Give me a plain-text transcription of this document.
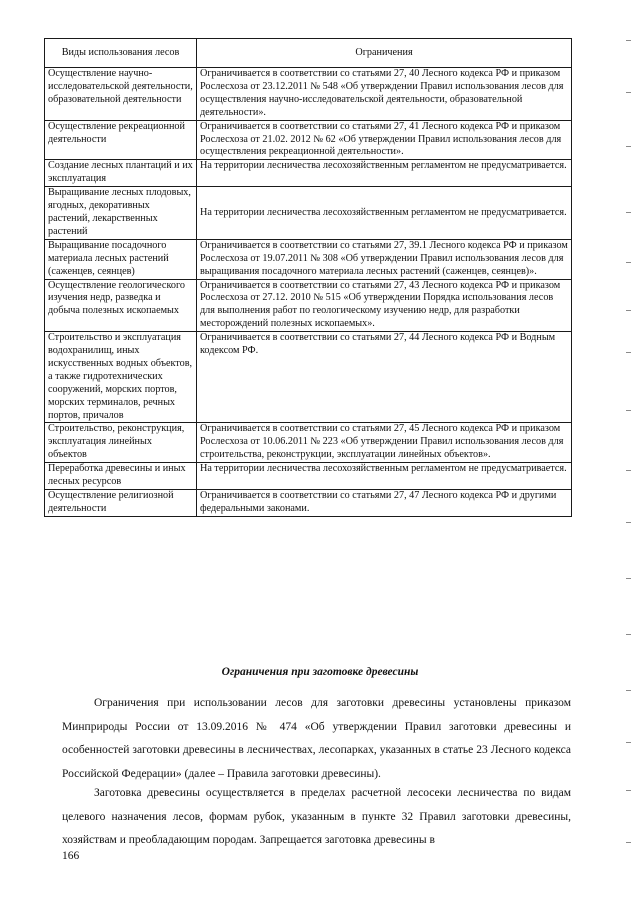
Виды использования лесов	Ограничения
Осуществление научно-исследовательской деятельности, образовательной деятельности	Ограничивается в соответствии со статьями 27, 40 Лесного кодекса РФ и приказом Рослесхоза от 23.12.2011 № 548 «Об утверждении Правил использования лесов для осуществления научно-исследовательской деятельности, образовательной деятельности».
Осуществление рекреационной деятельности	Ограничивается в соответствии со статьями 27, 41 Лесного кодекса РФ и приказом Рослесхоза от 21.02. 2012 № 62 «Об утверждении Правил использования лесов для осуществления рекреационной деятельности».
Создание лесных плантаций и их эксплуатация	На территории лесничества лесохозяйственным регламентом не предусматривается.
Выращивание лесных плодовых, ягодных, декоративных растений, лекарственных растений	На территории лесничества лесохозяйственным регламентом не предусматривается.
Выращивание посадочного материала лесных растений (саженцев, сеянцев)	Ограничивается в соответствии со статьями 27, 39.1 Лесного кодекса РФ и приказом Рослесхоза от 19.07.2011 № 308 «Об утверждении Правил использования лесов для выращивания посадочного материала лесных растений (саженцев, сеянцев)».
Осуществление геологического изучения недр, разведка и добыча полезных ископаемых	Ограничивается в соответствии со статьями 27, 43 Лесного кодекса РФ и приказом Рослесхоза от 27.12. 2010 № 515 «Об утверждении Порядка использования лесов для выполнения работ по геологическому изучению недр, для разработки месторождений полезных ископаемых».
Строительство и эксплуатация водохранилищ, иных искусственных водных объектов, а также гидротехнических сооружений, морских портов, морских терминалов, речных портов, причалов	Ограничивается в соответствии со статьями 27, 44 Лесного кодекса РФ и Водным кодексом РФ.
Строительство, реконструкция, эксплуатация линейных объектов	Ограничивается в соответствии со статьями 27, 45 Лесного кодекса РФ и приказом Рослесхоза от 10.06.2011 № 223 «Об утверждении Правил использования лесов для строительства, реконструкции, эксплуатации линейных объектов».
Переработка древесины и иных лесных ресурсов	На территории лесничества лесохозяйственным регламентом не предусматривается.
Осуществление религиозной деятельности	Ограничивается в соответствии со статьями 27, 47 Лесного кодекса РФ и другими федеральными законами.
Ограничения при заготовке древесины

Ограничения при использовании лесов для заготовки древесины установлены приказом Минприроды России от 13.09.2016 № 474 «Об утверждении Правил заготовки древесины и особенностей заготовки древесины в лесничествах, лесопарках, указанных в статье 23 Лесного кодекса Российской Федерации» (далее – Правила заготовки древесины).

Заготовка древесины осуществляется в пределах расчетной лесосеки лесничества по видам целевого назначения лесов, формам рубок, указанным в пункте 32 Правил заготовки древесины, хозяйствам и преобладающим породам. Запрещается заготовка древесины в

166
